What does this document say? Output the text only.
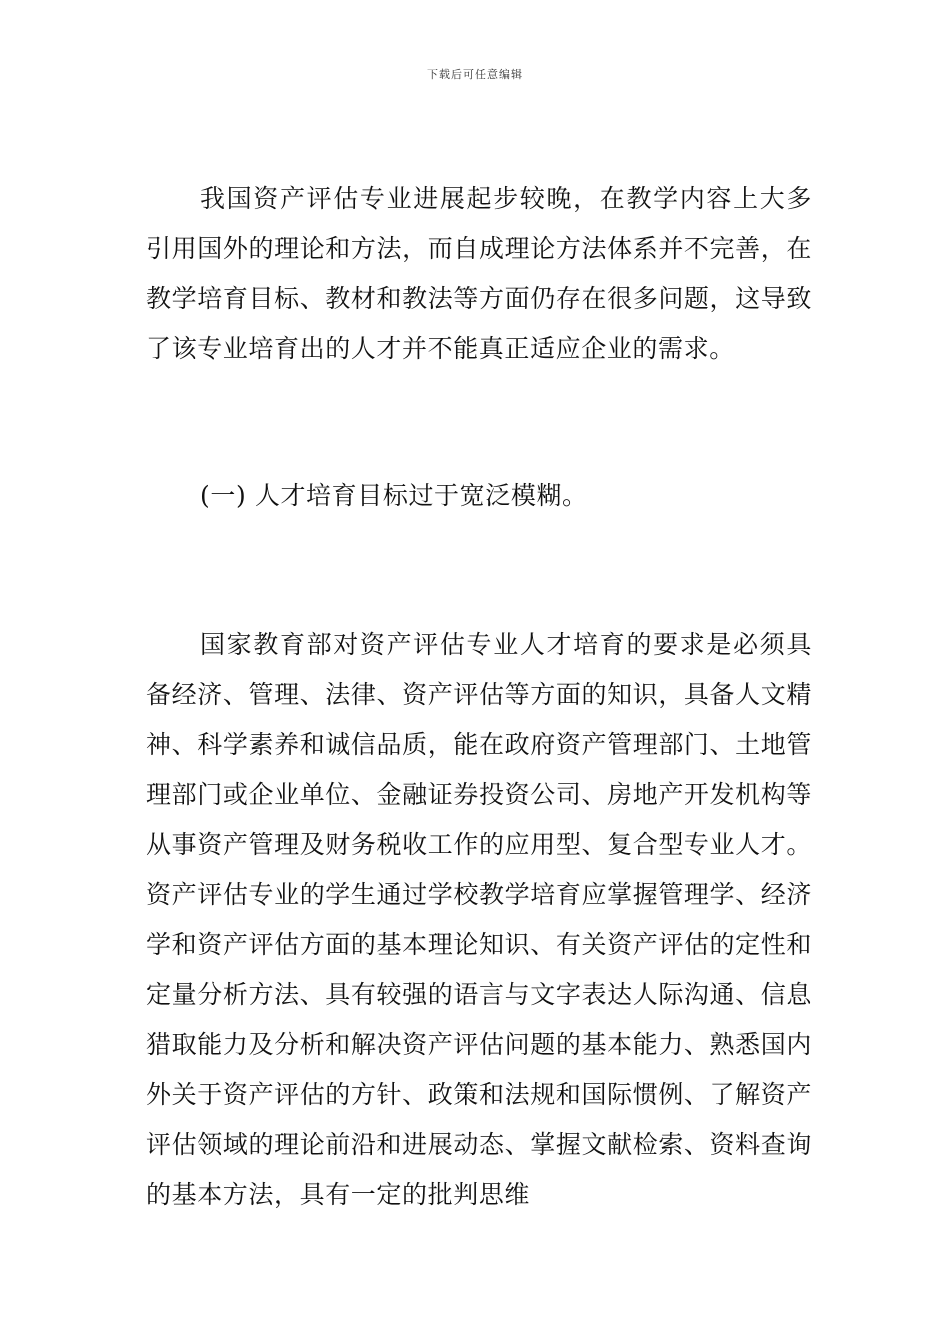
下载后可任意编辑

我国资产评估专业进展起步较晚，在教学内容上大多引用国外的理论和方法，而自成理论方法体系并不完善，在教学培育目标、教材和教法等方面仍存在很多问题，这导致了该专业培育出的人才并不能真正适应企业的需求。

(一) 人才培育目标过于宽泛模糊。

国家教育部对资产评估专业人才培育的要求是必须具备经济、管理、法律、资产评估等方面的知识，具备人文精神、科学素养和诚信品质，能在政府资产管理部门、土地管理部门或企业单位、金融证券投资公司、房地产开发机构等从事资产管理及财务税收工作的应用型、复合型专业人才。资产评估专业的学生通过学校教学培育应掌握管理学、经济学和资产评估方面的基本理论知识、有关资产评估的定性和定量分析方法、具有较强的语言与文字表达人际沟通、信息猎取能力及分析和解决资产评估问题的基本能力、熟悉国内外关于资产评估的方针、政策和法规和国际惯例、了解资产评估领域的理论前沿和进展动态、掌握文献检索、资料查询的基本方法，具有一定的批判思维
